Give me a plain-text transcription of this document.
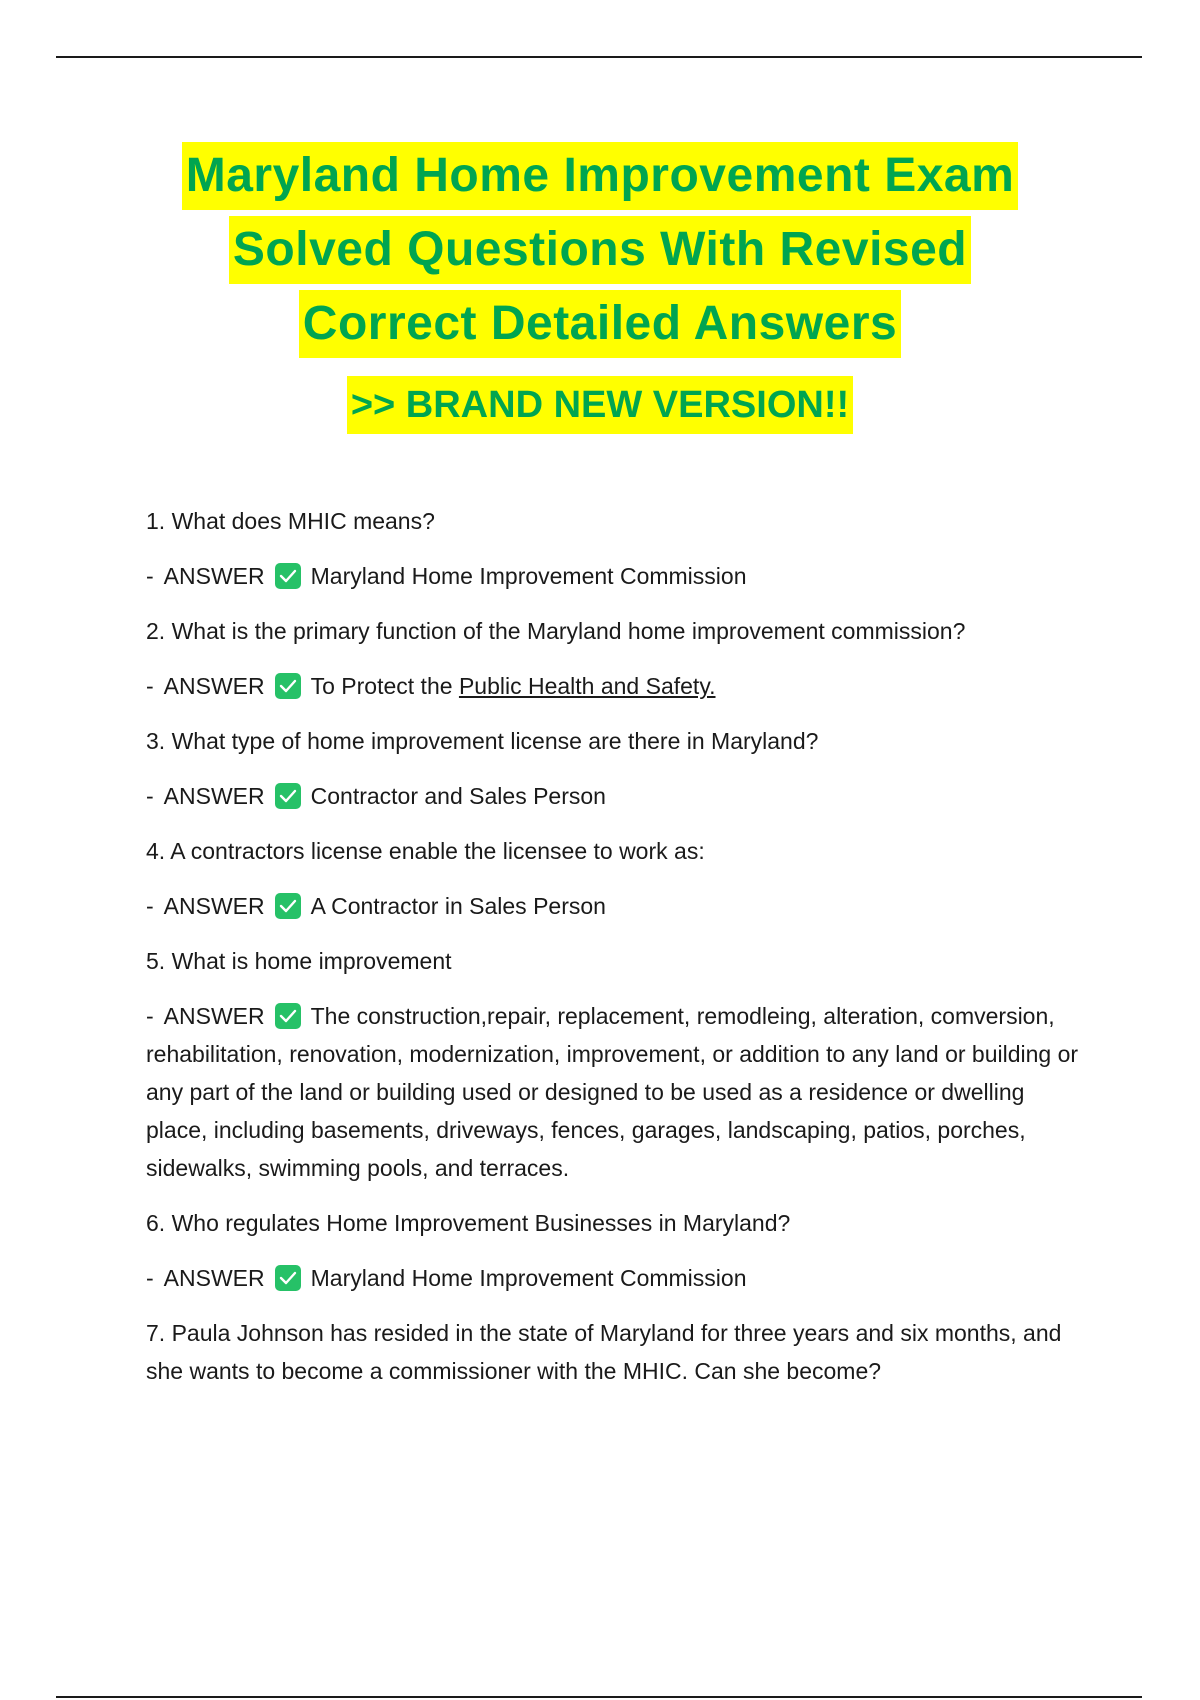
Maryland Home Improvement Exam
Solved Questions With Revised
Correct Detailed Answers
>> BRAND NEW VERSION!!
1. What does MHIC means?
- ANSWER Maryland Home Improvement Commission
2. What is the primary function of the Maryland home improvement commission?
- ANSWER To Protect the Public Health and Safety.
3. What type of home improvement license are there in Maryland?
- ANSWER Contractor and Sales Person
4. A contractors license enable the licensee to work as:
- ANSWER A Contractor in Sales Person
5. What is home improvement
- ANSWER The construction,repair, replacement, remodleing, alteration, comversion, rehabilitation, renovation, modernization, improvement, or addition to any land or building or any part of the land or building used or designed to be used as a residence or dwelling place, including basements, driveways, fences, garages, landscaping, patios, porches, sidewalks, swimming pools, and terraces.
6. Who regulates Home Improvement Businesses in Maryland?
- ANSWER Maryland Home Improvement Commission
7. Paula Johnson has resided in the state of Maryland for three years and six months, and she wants to become a commissioner with the MHIC. Can she become?
